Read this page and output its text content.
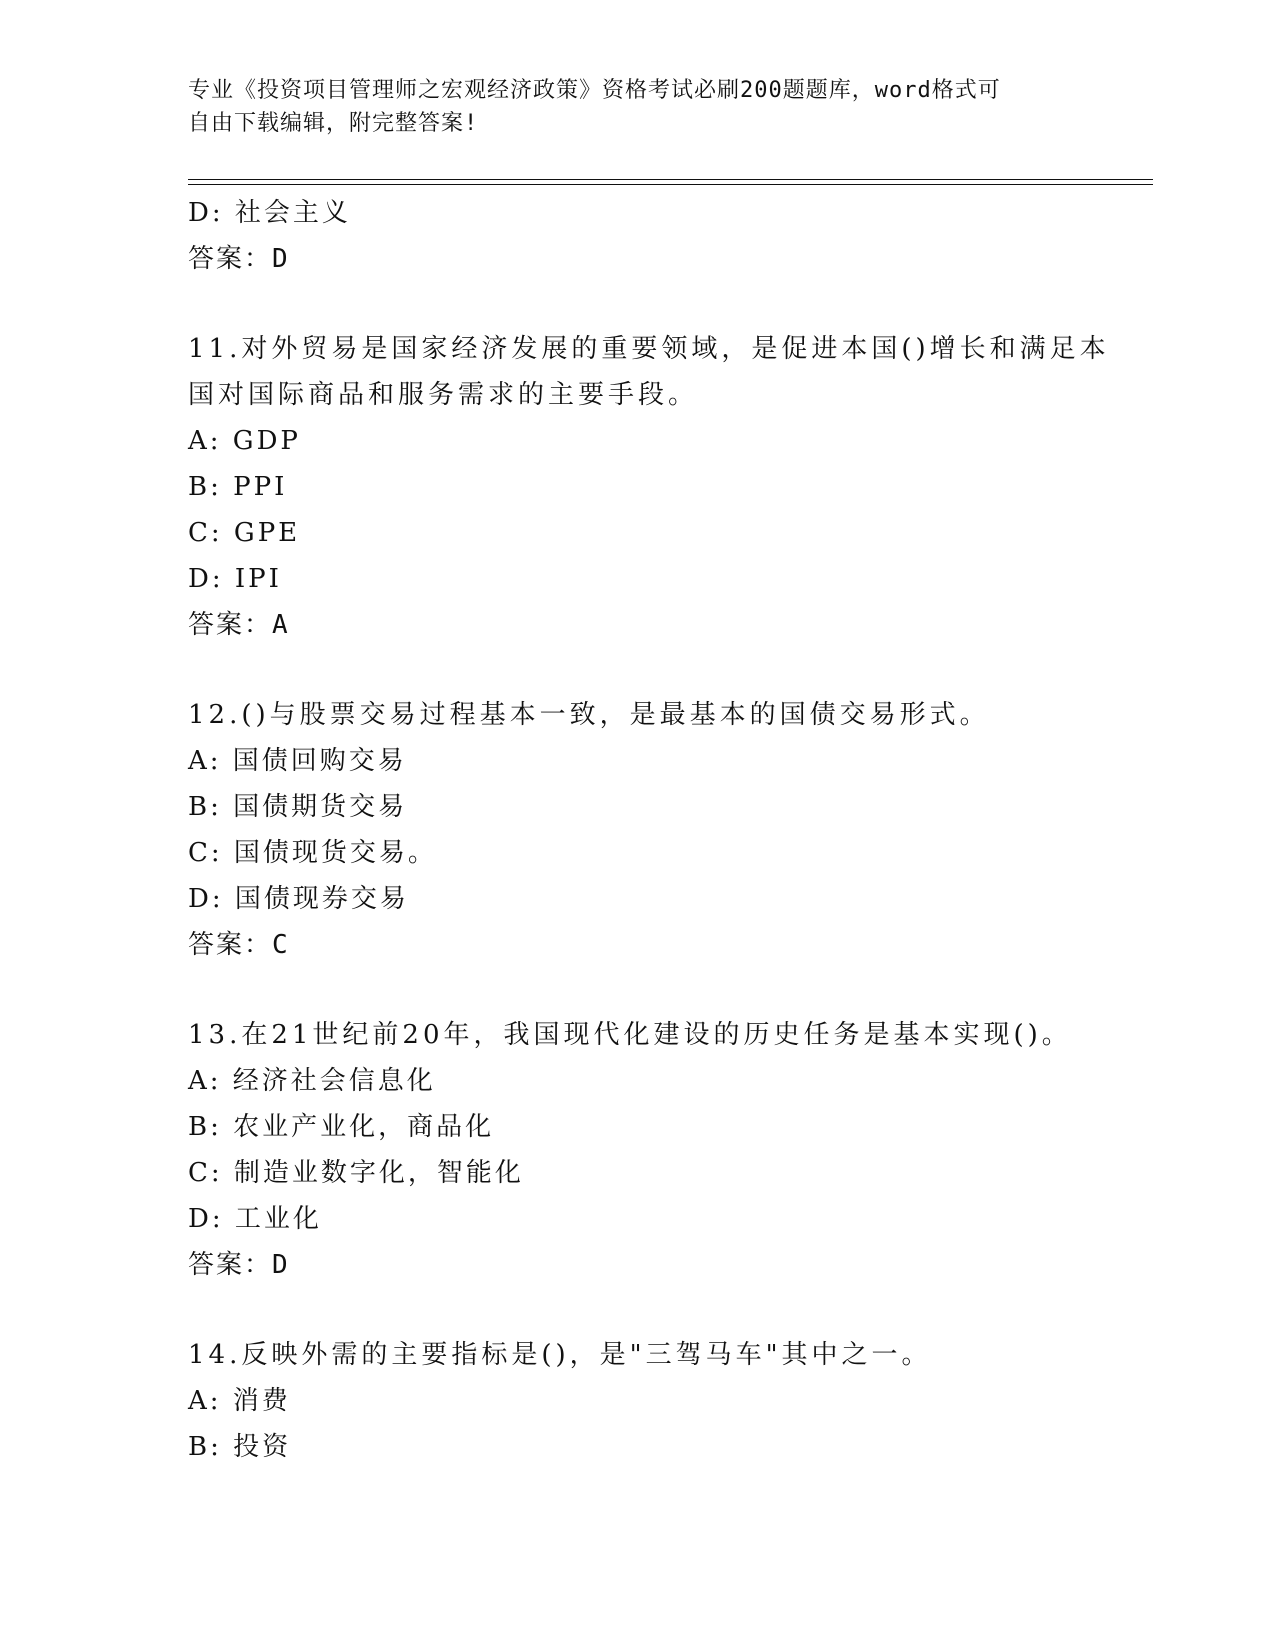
专业《投资项目管理师之宏观经济政策》资格考试必刷200题题库，word格式可
自由下载编辑，附完整答案!
D: 社会主义
答案：D
11.对外贸易是国家经济发展的重要领域，是促进本国()增长和满足本
国对国际商品和服务需求的主要手段。
A: GDP
B: PPI
C: GPE
D: IPI
答案：A
12.()与股票交易过程基本一致，是最基本的国债交易形式。
A: 国债回购交易
B: 国债期货交易
C: 国债现货交易。
D: 国债现券交易
答案：C
13.在21世纪前20年，我国现代化建设的历史任务是基本实现()。
A: 经济社会信息化
B: 农业产业化，商品化
C: 制造业数字化，智能化
D: 工业化
答案：D
14.反映外需的主要指标是()，是"三驾马车"其中之一。
A: 消费
B: 投资
